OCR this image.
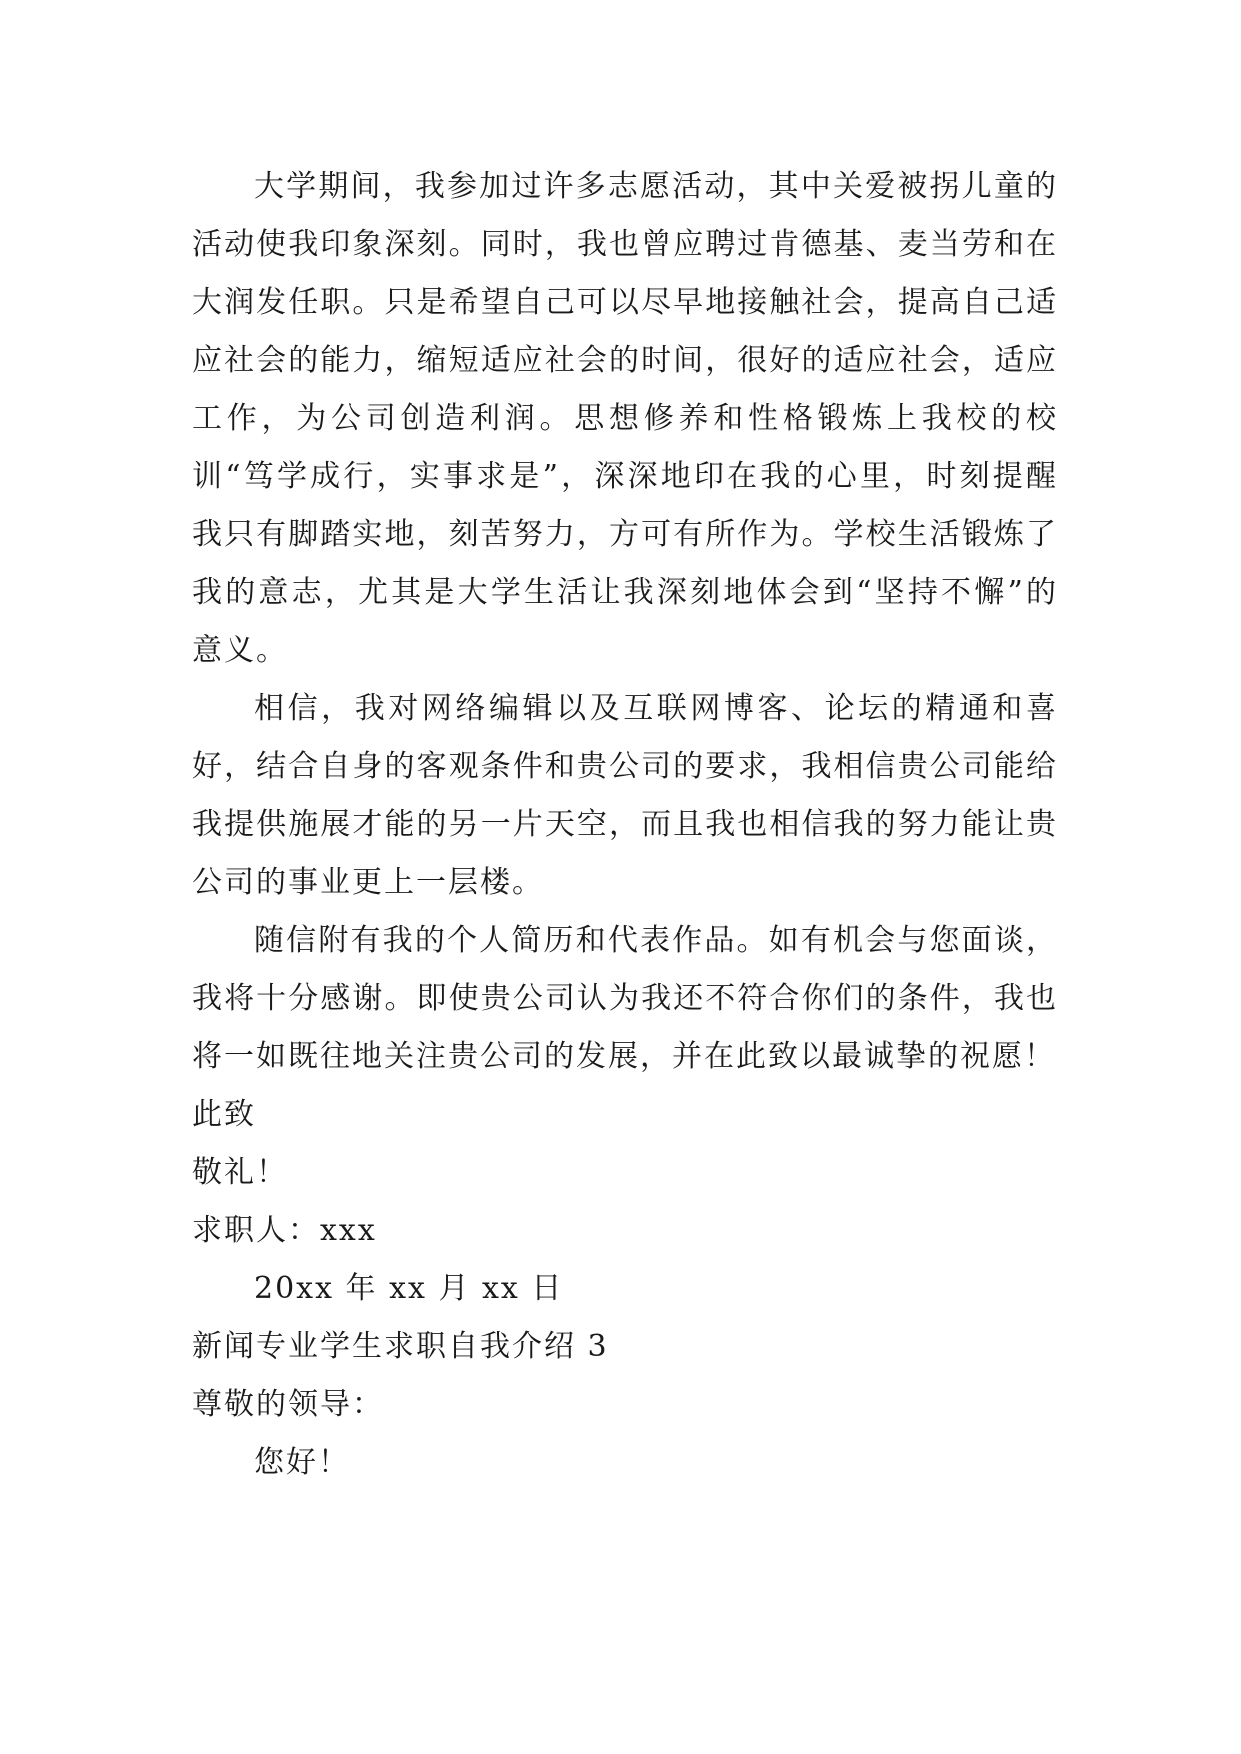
大学期间，我参加过许多志愿活动，其中关爱被拐儿童的活动使我印象深刻。同时，我也曾应聘过肯德基、麦当劳和在大润发任职。只是希望自己可以尽早地接触社会，提高自己适应社会的能力，缩短适应社会的时间，很好的适应社会，适应工作，为公司创造利润。思想修养和性格锻炼上我校的校训“笃学成行，实事求是”，深深地印在我的心里，时刻提醒我只有脚踏实地，刻苦努力，方可有所作为。学校生活锻炼了我的意志，尤其是大学生活让我深刻地体会到“坚持不懈”的意义。

相信，我对网络编辑以及互联网博客、论坛的精通和喜好，结合自身的客观条件和贵公司的要求，我相信贵公司能给我提供施展才能的另一片天空，而且我也相信我的努力能让贵公司的事业更上一层楼。

随信附有我的个人简历和代表作品。如有机会与您面谈，我将十分感谢。即使贵公司认为我还不符合你们的条件，我也将一如既往地关注贵公司的发展，并在此致以最诚挚的祝愿！

此致

敬礼！

求职人：xxx

20xx 年 xx 月 xx 日

新闻专业学生求职自我介绍 3

尊敬的领导：

您好！
